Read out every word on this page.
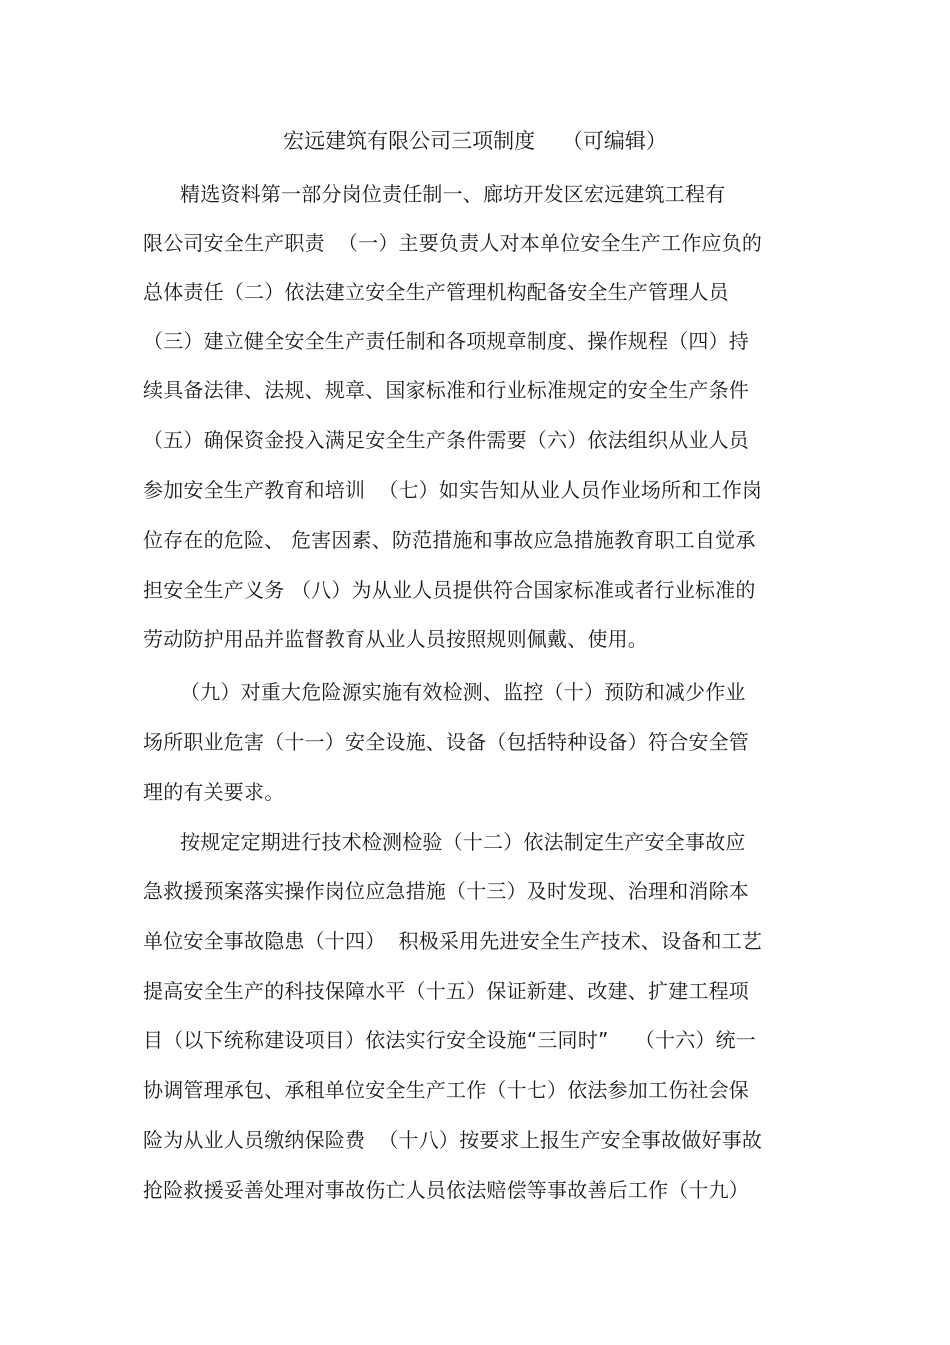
宏远建筑有限公司三项制度    （可编辑）
精选资料第一部分岗位责任制一、廊坊开发区宏远建筑工程有
限公司安全生产职责  （一）主要负责人对本单位安全生产工作应负的
总体责任（二）依法建立安全生产管理机构配备安全生产管理人员
（三）建立健全安全生产责任制和各项规章制度、操作规程（四）持
续具备法律、法规、规章、国家标准和行业标准规定的安全生产条件
（五）确保资金投入满足安全生产条件需要（六）依法组织从业人员
参加安全生产教育和培训  （七）如实告知从业人员作业场所和工作岗
位存在的危险、 危害因素、防范措施和事故应急措施教育职工自觉承
担安全生产义务 （八）为从业人员提供符合国家标准或者行业标准的
劳动防护用品并监督教育从业人员按照规则佩戴、使用。
（九）对重大危险源实施有效检测、监控（十）预防和减少作业
场所职业危害（十一）安全设施、设备（包括特种设备）符合安全管
理的有关要求。
按规定定期进行技术检测检验（十二）依法制定生产安全事故应
急救援预案落实操作岗位应急措施（十三）及时发现、治理和消除本
单位安全事故隐患（十四）  积极采用先进安全生产技术、设备和工艺
提高安全生产的科技保障水平（十五）保证新建、改建、扩建工程项
目（以下统称建设项目）依法实行安全设施“三同时”    （十六）统一
协调管理承包、承租单位安全生产工作（十七）依法参加工伤社会保
险为从业人员缴纳保险费  （十八）按要求上报生产安全事故做好事故
抢险救援妥善处理对事故伤亡人员依法赔偿等事故善后工作（十九）
